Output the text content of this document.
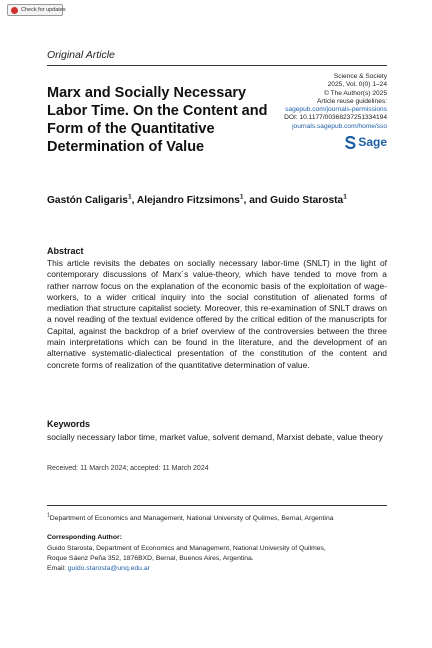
Check for updates
Original Article
Marx and Socially Necessary Labor Time. On the Content and Form of the Quantitative Determination of Value
Science & Society
2025, Vol. 0(0) 1–24
© The Author(s) 2025
Article reuse guidelines:
sagepub.com/journals-permissions
DOI: 10.1177/00368237251334194
journals.sagepub.com/home/sso
Sage
Gastón Caligaris$^1$, Alejandro Fitzsimons$^1$, and Guido Starosta$^1$
Abstract
This article revisits the debates on socially necessary labor-time (SNLT) in the light of contemporary discussions of Marx´s value-theory, which have tended to move from a rather narrow focus on the explanation of the economic basis of the exploitation of wage-workers, to a wider critical inquiry into the social constitution of alienated forms of mediation that structure capitalist society. Moreover, this re-examination of SNLT draws on a novel reading of the textual evidence offered by the critical edition of the manuscripts for Capital, against the backdrop of a brief overview of the controversies between the three main interpretations which can be found in the literature, and the development of an alternative systematic-dialectical presentation of the constitution of the content and concrete forms of realization of the quantitative determination of value.
Keywords
socially necessary labor time, market value, solvent demand, Marxist debate, value theory
Received: 11 March 2024; accepted: 11 March 2024
$^1$Department of Economics and Management, National University of Quilmes, Bernal, Argentina
Corresponding Author:
Guido Starosta, Department of Economics and Management, National University of Quilmes,
Roque Sáenz Peña 352, 1876BXD, Bernal, Buenos Aires, Argentina.
Email: guido.starosta@unq.edu.ar
